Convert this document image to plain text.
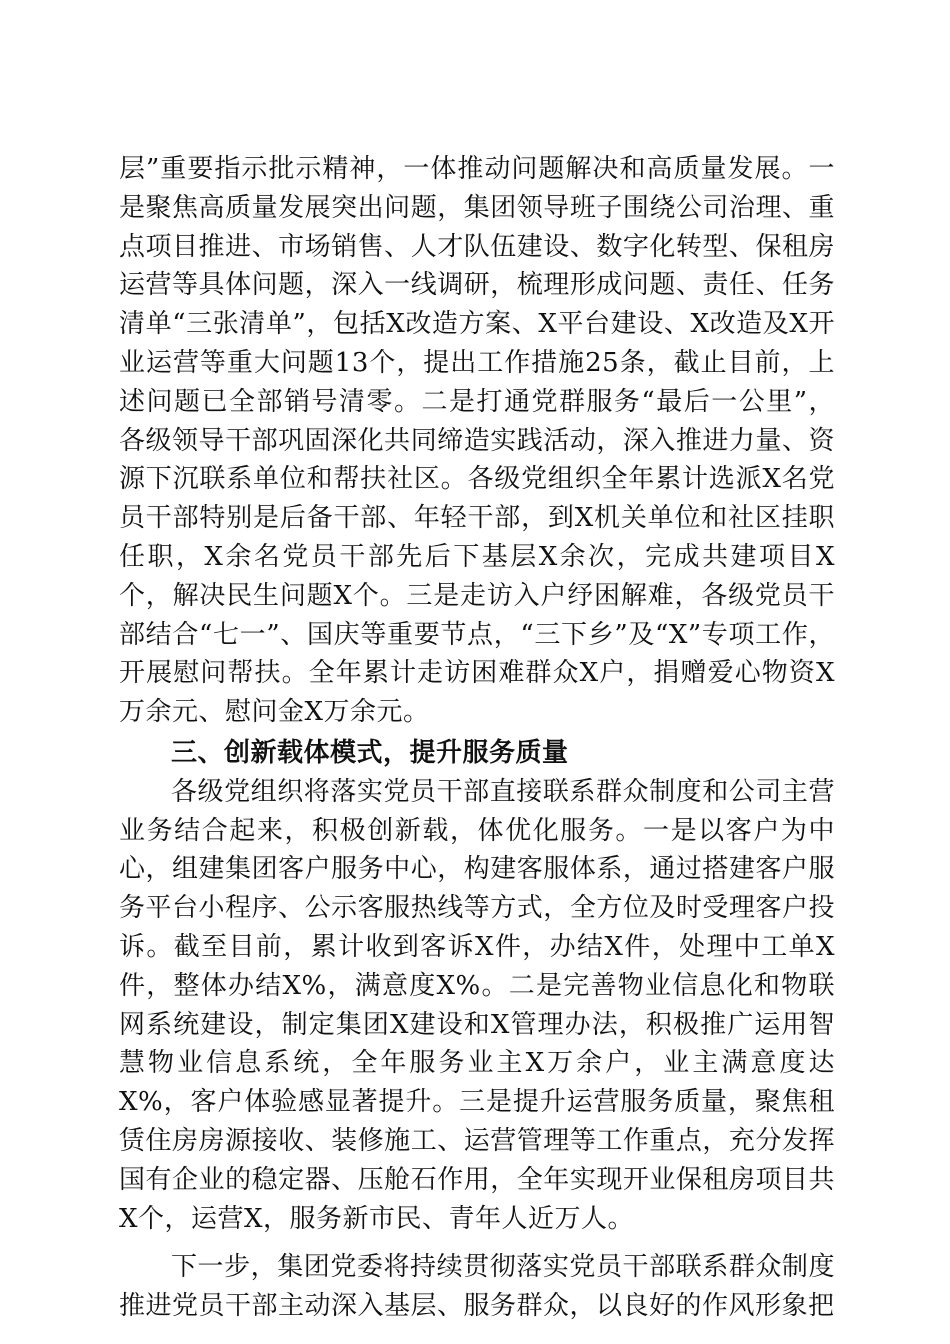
层”重要指示批示精神，一体推动问题解决和高质量发展。一是聚焦高质量发展突出问题，集团领导班子围绕公司治理、重点项目推进、市场销售、人才队伍建设、数字化转型、保租房运营等具体问题，深入一线调研，梳理形成问题、责任、任务清单“三张清单”，包括X改造方案、X平台建设、X改造及X开业运营等重大问题13个，提出工作措施25条，截止目前，上述问题已全部销号清零。二是打通党群服务“最后一公里”，各级领导干部巩固深化共同缔造实践活动，深入推进力量、资源下沉联系单位和帮扶社区。各级党组织全年累计选派X名党员干部特别是后备干部、年轻干部，到X机关单位和社区挂职任职，X余名党员干部先后下基层X余次，完成共建项目X个，解决民生问题X个。三是走访入户纾困解难，各级党员干部结合“七一”、国庆等重要节点，“三下乡”及“X”专项工作，开展慰问帮扶。全年累计走访困难群众X户，捐赠爱心物资X万余元、慰问金X万余元。

三、创新载体模式，提升服务质量

各级党组织将落实党员干部直接联系群众制度和公司主营业务结合起来，积极创新载，体优化服务。一是以客户为中心，组建集团客户服务中心，构建客服体系，通过搭建客户服务平台小程序、公示客服热线等方式，全方位及时受理客户投诉。截至目前，累计收到客诉X件，办结X件，处理中工单X件，整体办结X%，满意度X%。二是完善物业信息化和物联网系统建设，制定集团X建设和X管理办法，积极推广运用智慧物业信息系统，全年服务业主X万余户，业主满意度达X%，客户体验感显著提升。三是提升运营服务质量，聚焦租赁住房房源接收、装修施工、运营管理等工作重点，充分发挥国有企业的稳定器、压舱石作用，全年实现开业保租房项目共X个，运营X，服务新市民、青年人近万人。

下一步，集团党委将持续贯彻落实党员干部联系群众制度推进党员干部主动深入基层、服务群众，以良好的作风形象把
